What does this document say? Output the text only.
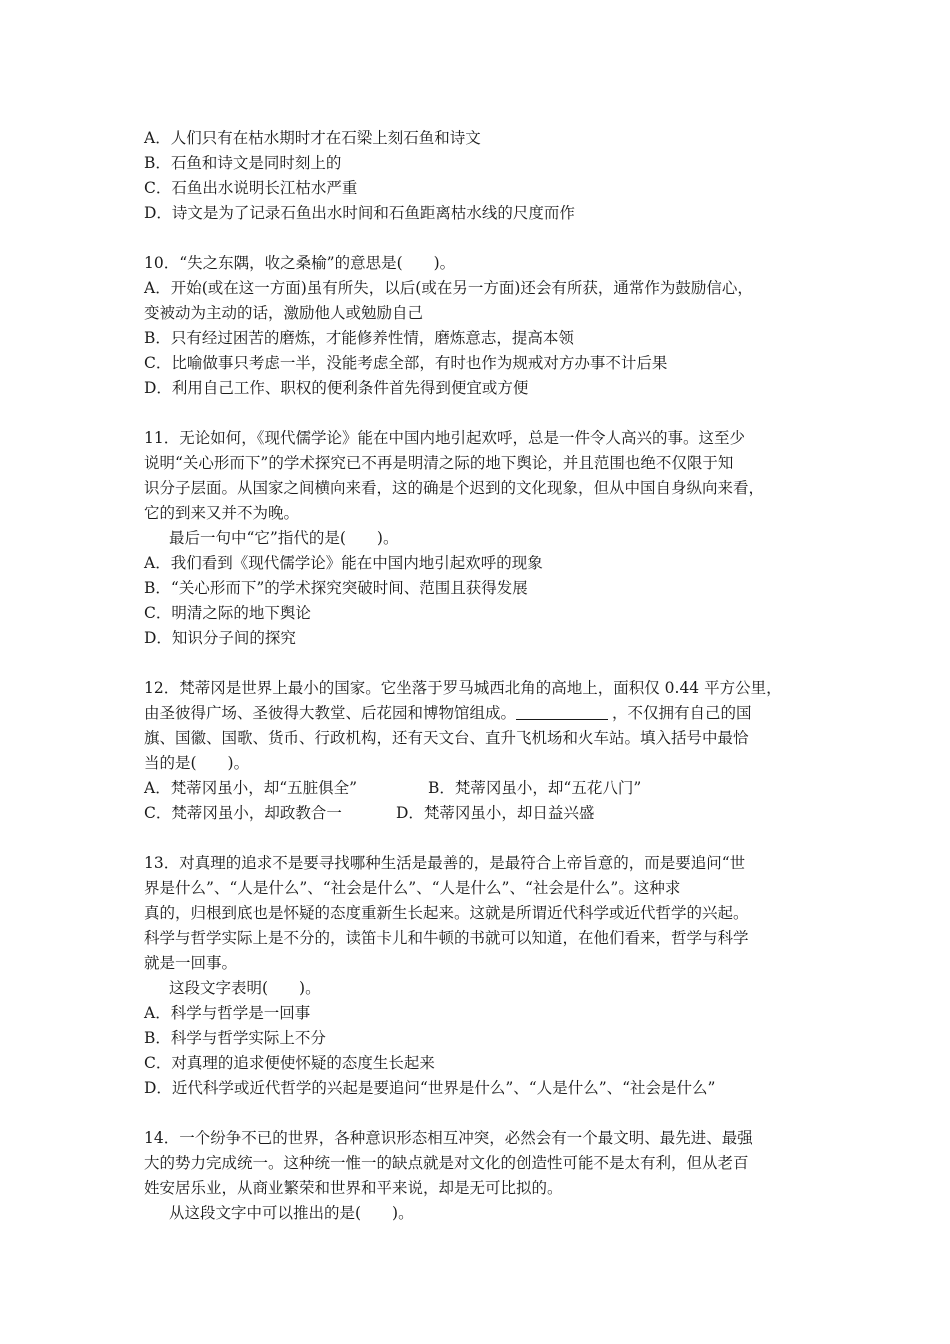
A．人们只有在枯水期时才在石梁上刻石鱼和诗文
B．石鱼和诗文是同时刻上的
C．石鱼出水说明长江枯水严重
D．诗文是为了记录石鱼出水时间和石鱼距离枯水线的尺度而作
10．“失之东隅，收之桑榆”的意思是(　　)。
A．开始(或在这一方面)虽有所失，以后(或在另一方面)还会有所获，通常作为鼓励信心，
变被动为主动的话，激励他人或勉励自己
B．只有经过困苦的磨炼，才能修养性情，磨炼意志，提高本领
C．比喻做事只考虑一半，没能考虑全部，有时也作为规戒对方办事不计后果
D．利用自己工作、职权的便利条件首先得到便宜或方便
11．无论如何，《现代儒学论》能在中国内地引起欢呼，总是一件令人高兴的事。这至少
说明“关心形而下”的学术探究已不再是明清之际的地下舆论，并且范围也绝不仅限于知
识分子层面。从国家之间横向来看，这的确是个迟到的文化现象，但从中国自身纵向来看，
它的到来又并不为晚。
最后一句中“它”指代的是(　　)。
A．我们看到《现代儒学论》能在中国内地引起欢呼的现象
B．“关心形而下”的学术探究突破时间、范围且获得发展
C．明清之际的地下舆论
D．知识分子间的探究
12．梵蒂冈是世界上最小的国家。它坐落于罗马城西北角的高地上，面积仅 0.44 平方公里，
由圣彼得广场、圣彼得大教堂、后花园和博物馆组成。	，不仅拥有自己的国
旗、国徽、国歌、货币、行政机构，还有天文台、直升飞机场和火车站。填入括号中最恰
当的是(　　)。
A．梵蒂冈虽小，却“五脏俱全”	B．梵蒂冈虽小，却“五花八门”
C．梵蒂冈虽小，却政教合一	D．梵蒂冈虽小，却日益兴盛
13．对真理的追求不是要寻找哪种生活是最善的，是最符合上帝旨意的，而是要追问“世
界是什么”、“人是什么”、“社会是什么”、“人是什么”、“社会是什么”。这种求
真的，归根到底也是怀疑的态度重新生长起来。这就是所谓近代科学或近代哲学的兴起。
科学与哲学实际上是不分的，读笛卡儿和牛顿的书就可以知道，在他们看来，哲学与科学
就是一回事。
这段文字表明(　　)。
A．科学与哲学是一回事
B．科学与哲学实际上不分
C．对真理的追求便使怀疑的态度生长起来
D．近代科学或近代哲学的兴起是要追问“世界是什么”、“人是什么”、“社会是什么”
14．一个纷争不已的世界，各种意识形态相互冲突，必然会有一个最文明、最先进、最强
大的势力完成统一。这种统一惟一的缺点就是对文化的创造性可能不是太有利，但从老百
姓安居乐业，从商业繁荣和世界和平来说，却是无可比拟的。
从这段文字中可以推出的是(　　)。
